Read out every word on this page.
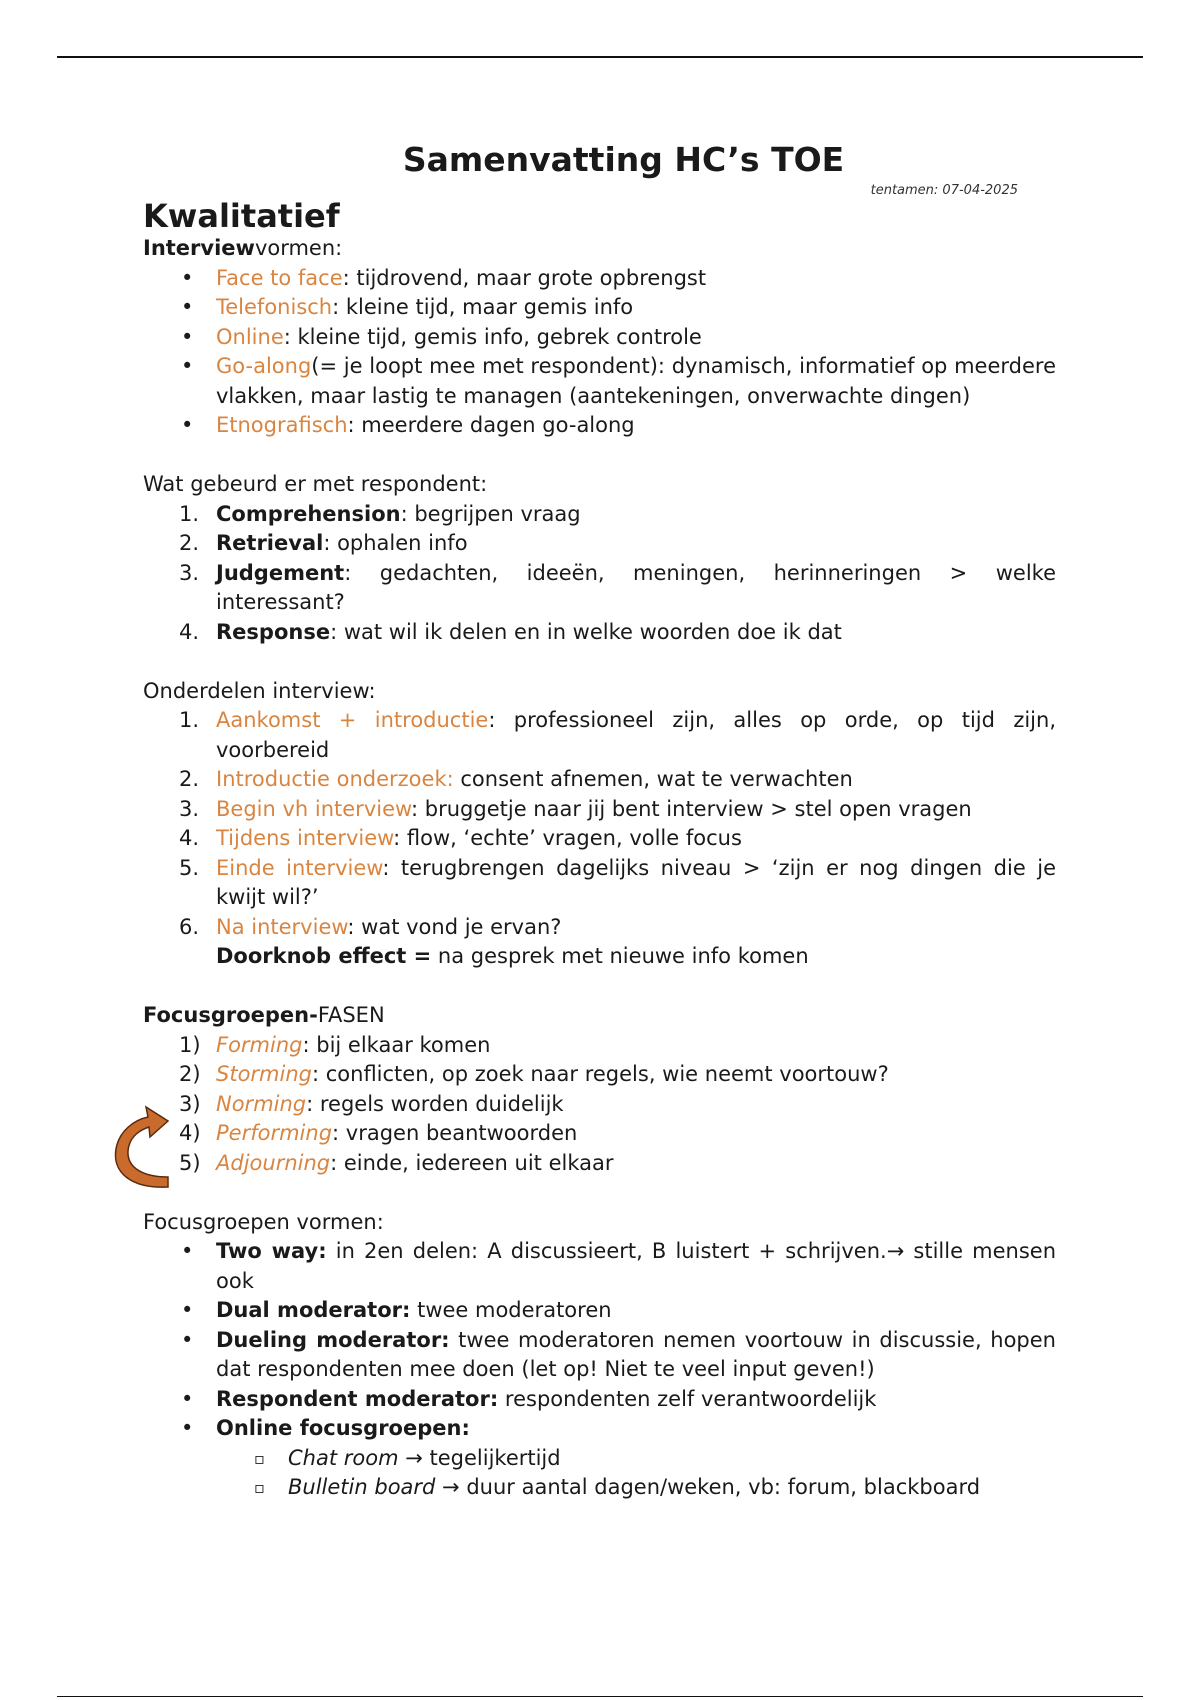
Samenvatting HC’s TOE
tentamen: 07-04-2025
Kwalitatief

Interviewvormen:

•	Face to face: tijdrovend, maar grote opbrengst
•	Telefonisch: kleine tijd, maar gemis info
•	Online: kleine tijd, gemis info, gebrek controle
•	Go-along(= je loopt mee met respondent): dynamisch, informatief op meerdere vlakken, maar lastig te managen (aantekeningen, onverwachte dingen)
•	Etnografisch: meerdere dagen go-along

Wat gebeurd er met respondent:

1. Comprehension: begrijpen vraag
2. Retrieval: ophalen info
3. Judgement: gedachten, ideeën, meningen, herinneringen > welke interessant?
4. Response: wat wil ik delen en in welke woorden doe ik dat

Onderdelen interview:

1. Aankomst + introductie: professioneel zijn, alles op orde, op tijd zijn, voorbereid
2. Introductie onderzoek: consent afnemen, wat te verwachten
3. Begin vh interview: bruggetje naar jij bent interview > stel open vragen
4. Tijdens interview: flow, ‘echte’ vragen, volle focus
5. Einde interview: terugbrengen dagelijks niveau > ‘zijn er nog dingen die je kwijt wil?’
6. Na interview: wat vond je ervan?
Doorknob effect = na gesprek met nieuwe info komen

Focusgroepen-FASEN

1) Forming: bij elkaar komen
2) Storming: conflicten, op zoek naar regels, wie neemt voortouw?
3) Norming: regels worden duidelijk
4) Performing: vragen beantwoorden
5) Adjourning: einde, iedereen uit elkaar

Focusgroepen vormen:

•	Two way: in 2en delen: A discussieert, B luistert + schrijven.→ stille mensen ook
•	Dual moderator: twee moderatoren
•	Dueling moderator: twee moderatoren nemen voortouw in discussie, hopen dat respondenten mee doen (let op! Niet te veel input geven!)
•	Respondent moderator: respondenten zelf verantwoordelijk
•	Online focusgroepen:
▫	Chat room → tegelijkertijd
▫	Bulletin board → duur aantal dagen/weken, vb: forum, blackboard
